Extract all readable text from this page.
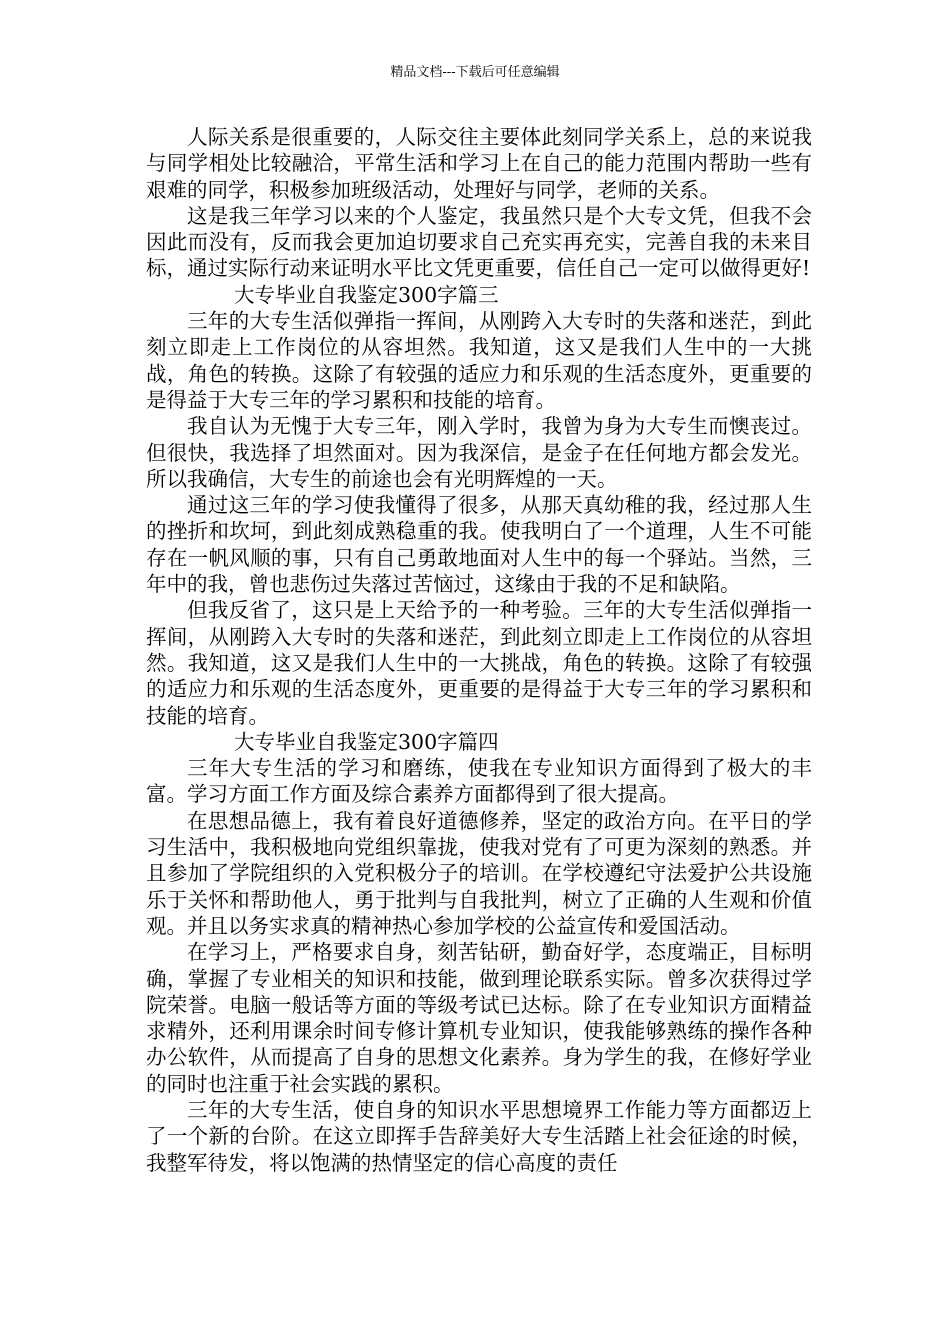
精品文档---下载后可任意编辑

人际关系是很重要的，人际交往主要体此刻同学关系上，总的来说我与同学相处比较融洽，平常生活和学习上在自己的能力范围内帮助一些有艰难的同学，积极参加班级活动，处理好与同学，老师的关系。

这是我三年学习以来的个人鉴定，我虽然只是个大专文凭，但我不会因此而没有，反而我会更加迫切要求自己充实再充实，完善自我的未来目标，通过实际行动来证明水平比文凭更重要，信任自己一定可以做得更好!

大专毕业自我鉴定300字篇三

三年的大专生活似弹指一挥间，从刚跨入大专时的失落和迷茫，到此刻立即走上工作岗位的从容坦然。我知道，这又是我们人生中的一大挑战，角色的转换。这除了有较强的适应力和乐观的生活态度外，更重要的是得益于大专三年的学习累积和技能的培育。

我自认为无愧于大专三年，刚入学时，我曾为身为大专生而懊丧过。但很快，我选择了坦然面对。因为我深信，是金子在任何地方都会发光。所以我确信，大专生的前途也会有光明辉煌的一天。

通过这三年的学习使我懂得了很多，从那天真幼稚的我，经过那人生的挫折和坎坷，到此刻成熟稳重的我。使我明白了一个道理，人生不可能存在一帆风顺的事，只有自己勇敢地面对人生中的每一个驿站。当然，三年中的我，曾也悲伤过失落过苦恼过，这缘由于我的不足和缺陷。

但我反省了，这只是上天给予的一种考验。三年的大专生活似弹指一挥间，从刚跨入大专时的失落和迷茫，到此刻立即走上工作岗位的从容坦然。我知道，这又是我们人生中的一大挑战，角色的转换。这除了有较强的适应力和乐观的生活态度外，更重要的是得益于大专三年的学习累积和技能的培育。

大专毕业自我鉴定300字篇四

三年大专生活的学习和磨练，使我在专业知识方面得到了极大的丰富。学习方面工作方面及综合素养方面都得到了很大提高。

在思想品德上，我有着良好道德修养，坚定的政治方向。在平日的学习生活中，我积极地向党组织靠拢，使我对党有了可更为深刻的熟悉。并且参加了学院组织的入党积极分子的培训。在学校遵纪守法爱护公共设施乐于关怀和帮助他人，勇于批判与自我批判，树立了正确的人生观和价值观。并且以务实求真的精神热心参加学校的公益宣传和爱国活动。

在学习上，严格要求自身，刻苦钻研，勤奋好学，态度端正，目标明确，掌握了专业相关的知识和技能，做到理论联系实际。曾多次获得过学院荣誉。电脑一般话等方面的等级考试已达标。除了在专业知识方面精益求精外，还利用课余时间专修计算机专业知识，使我能够熟练的操作各种办公软件，从而提高了自身的思想文化素养。身为学生的我，在修好学业的同时也注重于社会实践的累积。

三年的大专生活，使自身的知识水平思想境界工作能力等方面都迈上了一个新的台阶。在这立即挥手告辞美好大专生活踏上社会征途的时候，我整军待发，将以饱满的热情坚定的信心高度的责任
